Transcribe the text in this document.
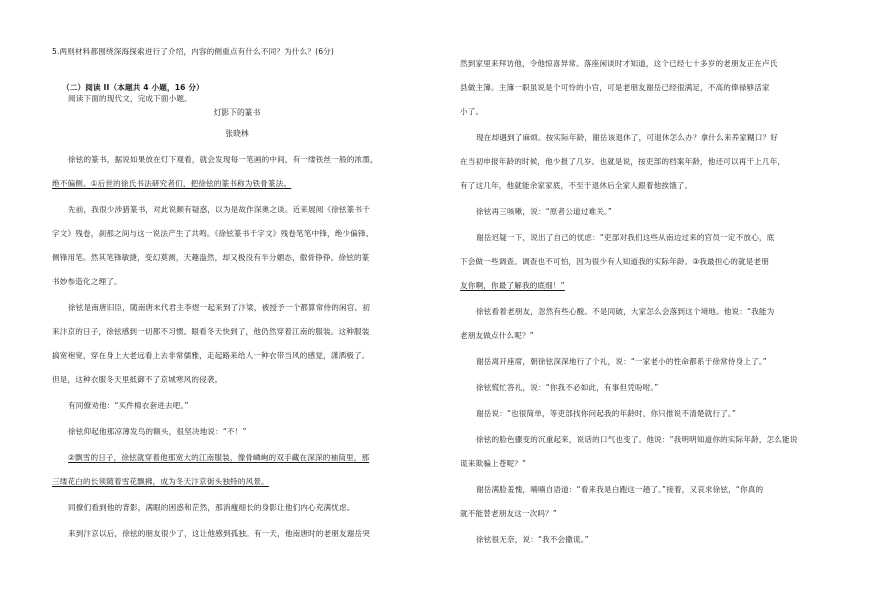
5.两则材料都围绕深海探索进行了介绍，内容的侧重点有什么不同？为什么？(6分)

（二）阅读 II（本题共 4 小题，16 分）

阅读下面的现代文，完成下面小题。

灯影下的篆书
张晓林

徐铉的篆书，据说如果放在灯下观看，就会发现每一笔画的中间，有一缕铁丝一般的浓墨，

绝不偏侧。①后世的徐氏书法研究者们，把徐铉的篆书称为铁骨篆法。

先前，我很少涉猎篆书，对此说颇有疑惑，以为是故作深奥之谈。近来展阅《徐铉篆书千

字文》残卷，刹那之间与这一说法产生了共鸣。《徐铉篆书千字文》残卷笔笔中锋，绝少偏锋、

侧锋用笔。然其笔锋敏捷，变幻莫测，天趣盎然，却又极没有半分媚态，傲骨铮铮。徐铉的篆

书妙参造化之理了。

徐铉是南唐旧臣，随南唐末代君主李煜一起来到了汴梁，被授予一个都算常侍的闲官。初

来汴京的日子，徐铉感到一切都不习惯。眼看冬天快到了，他仍然穿着江南的服装。这种服装

搞宽袍宽，穿在身上大老远看上去非常儒雅，走起路来给人一种衣带当风的感觉，潇洒极了。

但是，这种衣服冬天里抵御不了京城寒风的侵袭。

有同僚劝他：“买件棉衣套进去吧。”

徐铉仰起他那凉薄发鸟的额头，很坚决地说：“不！”

②飘雪的日子，徐铉就穿着他那宽大的江南服装，像骨嶙峋的双手藏在深深的袖筒里，那

三缕花白的长须随着雪花飘拂，成为冬天汴京街头独特的风景。

同僚们看到他的背影，满眼的困惑和茫然，那消瘦细长的身影让他们内心充满忧虑。

来到汴京以后，徐铉的朋友很少了，这让他感到孤独。有一天，他南唐时的老朋友谢岳突

然到家里来拜访他，令他惊喜异常。落座闲谈时才知道，这个已经七十多岁的老朋友正在卢氏

县做主簿。主簿一职虽说是个可怜的小官，可是老朋友谢岳已经很满足，不高的俸禄够活家

小了。

现在却遇到了麻烦。按实际年龄，谢岳该退休了，可退休怎么办？拿什么来养家糊口？好

在当初申报年龄的时候，他少报了几岁。也就是说，按吏部的档案年龄，他还可以再干上几年，

有了这几年，他就能余家家底，不至于退休后全家人跟着他挨饿了。

徐铉再三咳嗽，说：“原者公道过难关。”

谢岳迟疑一下，说出了自己的忧虑：“吏部对我们这些从南边过来的官员一定不放心，底

下会做一些调查。调查也不可怕，因为很少有人知道我的实际年龄。③我最担心的就是老朋

友你啊，你最了解我的底细！”

徐铉看着老朋友，忽然有些心酸。不是同破，大家怎么会落到这个境地。他说：“我能为

老朋友做点什么呢？”

谢岳离开座席，朝徐铉深深地行了个礼，说：“一家老小的性命都系于徐常侍身上了。”

徐铉慌忙答礼，说：“你我不必如此，有事但凭吩咐。”

谢岳说：“也很简单，等吏部找你问起我的年龄时，你只推说不清楚就行了。”

徐铉的脸色骤变的沉重起来，说话的口气也变了。他说：“我明明知道你的实际年龄，怎么能说

谎来欺骗上苍呢？”

谢岳满脸羞愧，喃喃自语道：“看来我是白跑这一趟了。”接着，又哀求徐铉，“你真的

就不能替老朋友这一次吗？”

徐铉很无奈，说：“我不会撒谎。”
